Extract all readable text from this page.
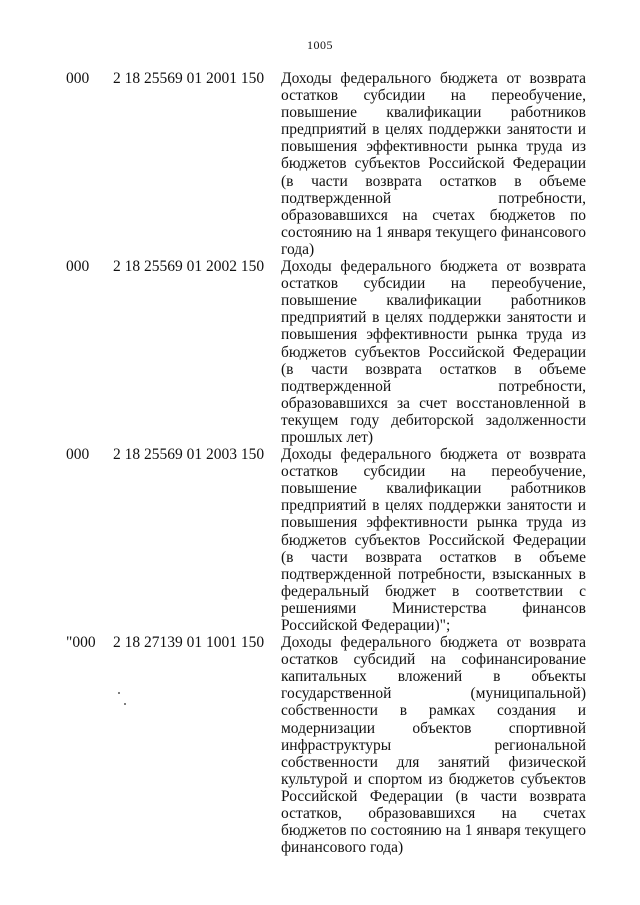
1005
000 2 18 25569 01 2001 150 Доходы федерального бюджета от возврата остатков субсидии на переобучение, повышение квалификации работников предприятий в целях поддержки занятости и повышения эффективности рынка труда из бюджетов субъектов Российской Федерации (в части возврата остатков в объеме подтвержденной потребности, образовавшихся на счетах бюджетов по состоянию на 1 января текущего финансового года)
000 2 18 25569 01 2002 150 Доходы федерального бюджета от возврата остатков субсидии на переобучение, повышение квалификации работников предприятий в целях поддержки занятости и повышения эффективности рынка труда из бюджетов субъектов Российской Федерации (в части возврата остатков в объеме подтвержденной потребности, образовавшихся за счет восстановленной в текущем году дебиторской задолженности прошлых лет)
000 2 18 25569 01 2003 150 Доходы федерального бюджета от возврата остатков субсидии на переобучение, повышение квалификации работников предприятий в целях поддержки занятости и повышения эффективности рынка труда из бюджетов субъектов Российской Федерации (в части возврата остатков в объеме подтвержденной потребности, взысканных в федеральный бюджет в соответствии с решениями Министерства финансов Российской Федерации)";
"000 2 18 27139 01 1001 150 Доходы федерального бюджета от возврата остатков субсидий на софинансирование капитальных вложений в объекты государственной (муниципальной) собственности в рамках создания и модернизации объектов спортивной инфраструктуры региональной собственности для занятий физической культурой и спортом из бюджетов субъектов Российской Федерации (в части возврата остатков, образовавшихся на счетах бюджетов по состоянию на 1 января текущего финансового года)
